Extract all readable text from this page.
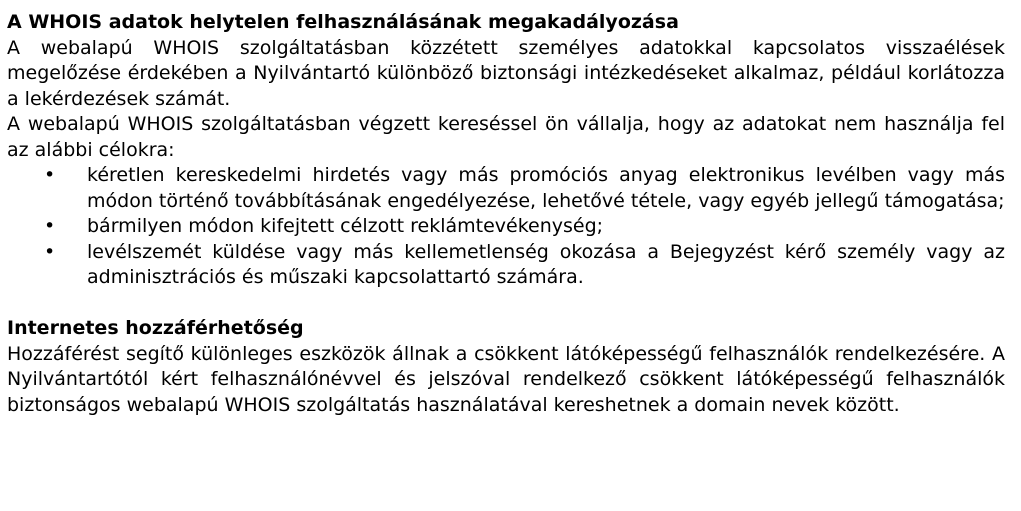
A WHOIS adatok helytelen felhasználásának megakadályozása

A webalapú WHOIS szolgáltatásban közzétett személyes adatokkal kapcsolatos visszaélések megelőzése érdekében a Nyilvántartó különböző biztonsági intézkedéseket alkalmaz, például korlátozza a lekérdezések számát.

A webalapú WHOIS szolgáltatásban végzett kereséssel ön vállalja, hogy az adatokat nem használja fel az alábbi célokra:

• kéretlen kereskedelmi hirdetés vagy más promóciós anyag elektronikus levélben vagy más módon történő továbbításának engedélyezése, lehetővé tétele, vagy egyéb jellegű támogatása;
• bármilyen módon kifejtett célzott reklámtevékenység;
• levélszemét küldése vagy más kellemetlenség okozása a Bejegyzést kérő személy vagy az adminisztrációs és műszaki kapcsolattartó számára.
Internetes hozzáférhetőség

Hozzáférést segítő különleges eszközök állnak a csökkent látóképességű felhasználók rendelkezésére. A Nyilvántartótól kért felhasználónévvel és jelszóval rendelkező csökkent látóképességű felhasználók biztonságos webalapú WHOIS szolgáltatás használatával kereshetnek a domain nevek között.
